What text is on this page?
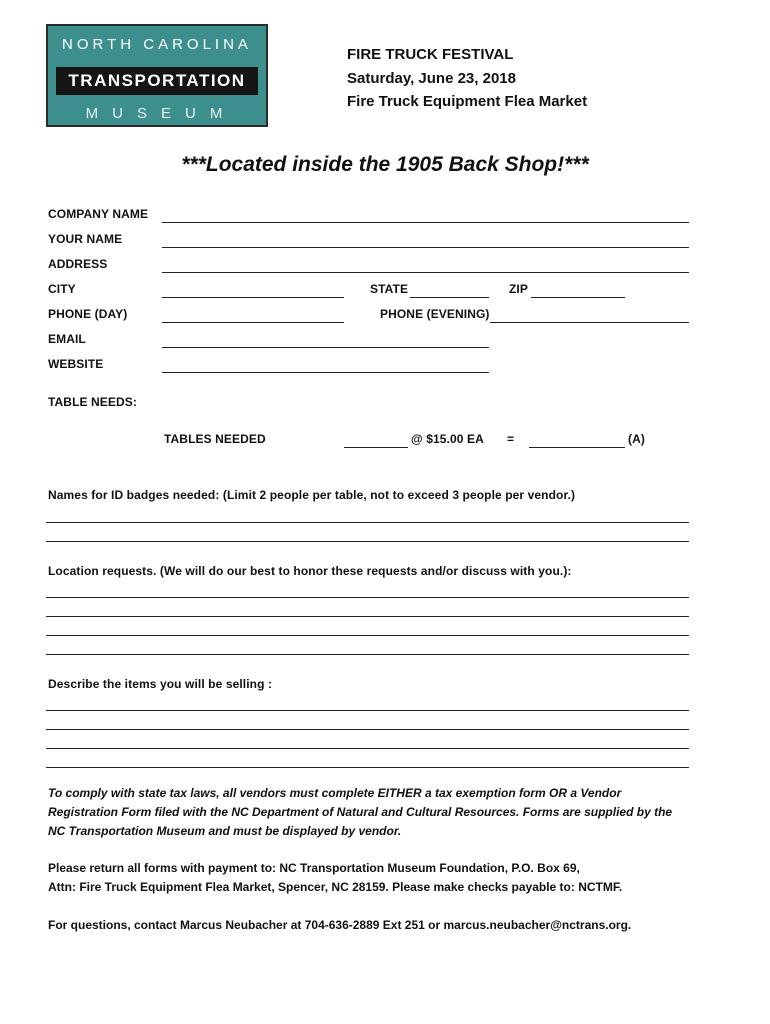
NORTH CAROLINA
TRANSPORTATION
MUSEUM
FIRE TRUCK FESTIVAL
Saturday, June 23, 2018
Fire Truck Equipment Flea Market
***Located inside the 1905 Back Shop!***
COMPANY NAME
YOUR NAME
ADDRESS
CITY	STATE	ZIP
PHONE (DAY)	PHONE (EVENING)
EMAIL
WEBSITE
TABLE NEEDS:
TABLES NEEDED	@ $15.00 EA =	(A)
Names for ID badges needed: (Limit 2 people per table, not to exceed 3 people per vendor.)
Location requests. (We will do our best to honor these requests and/or discuss with you.):
Describe the items you will be selling :
To comply with state tax laws, all vendors must complete EITHER a tax exemption form OR a Vendor
Registration Form filed with the NC Department of Natural and Cultural Resources. Forms are supplied by the
NC Transportation Museum and must be displayed by vendor.
Please return all forms with payment to: NC Transportation Museum Foundation, P.O. Box 69,
Attn: Fire Truck Equipment Flea Market, Spencer, NC 28159. Please make checks payable to: NCTMF.
For questions, contact Marcus Neubacher at 704-636-2889 Ext 251 or marcus.neubacher@nctrans.org.
